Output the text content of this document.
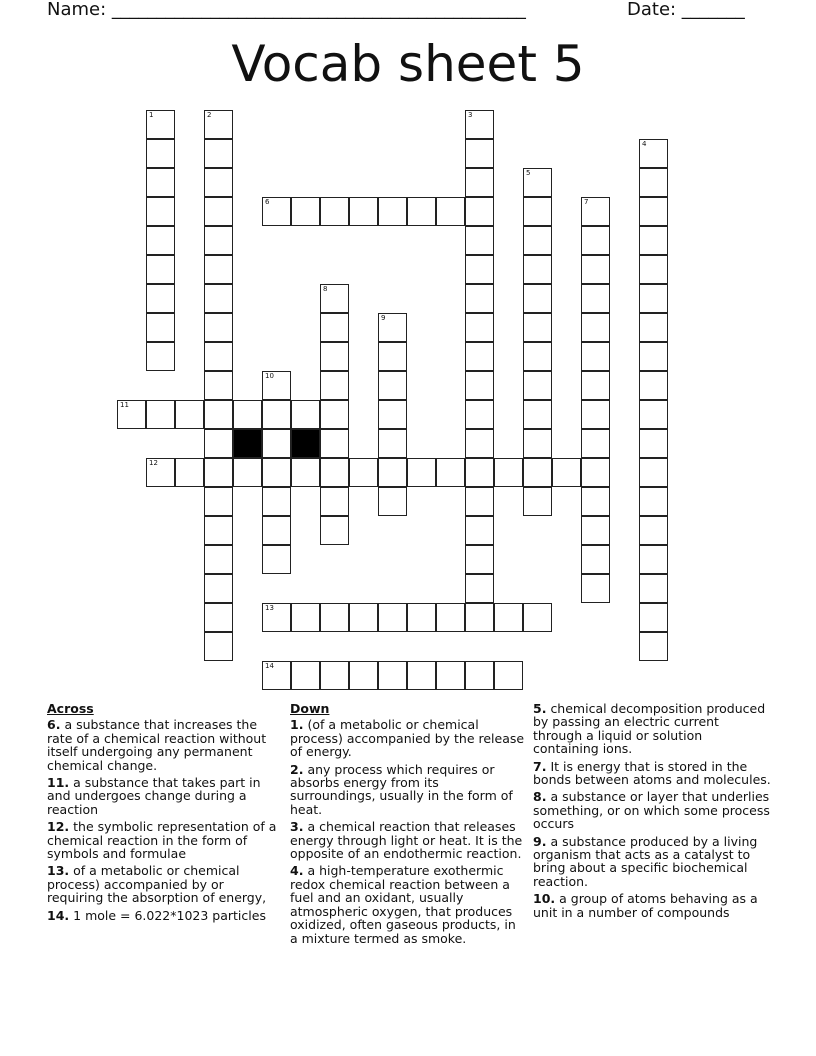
Name: ______________________________________________	Date: _______
Vocab sheet 5
1	2	3
4
5
6	7
8
9
10
11
12
13
14
Across
6. a substance that increases the rate of a chemical reaction without itself undergoing any permanent chemical change.
11. a substance that takes part in and undergoes change during a reaction
12. the symbolic representation of a chemical reaction in the form of symbols and formulae
13. of a metabolic or chemical process) accompanied by or requiring the absorption of energy,
14. 1 mole = 6.022*1023 particles
Down
1. (of a metabolic or chemical process) accompanied by the release of energy.
2. any process which requires or absorbs energy from its surroundings, usually in the form of heat.
3. a chemical reaction that releases energy through light or heat. It is the opposite of an endothermic reaction.
4. a high-temperature exothermic redox chemical reaction between a fuel and an oxidant, usually atmospheric oxygen, that produces oxidized, often gaseous products, in a mixture termed as smoke.
5. chemical decomposition produced by passing an electric current through a liquid or solution containing ions.
7. It is energy that is stored in the bonds between atoms and molecules.
8. a substance or layer that underlies something, or on which some process occurs
9. a substance produced by a living organism that acts as a catalyst to bring about a specific biochemical reaction.
10. a group of atoms behaving as a unit in a number of compounds
